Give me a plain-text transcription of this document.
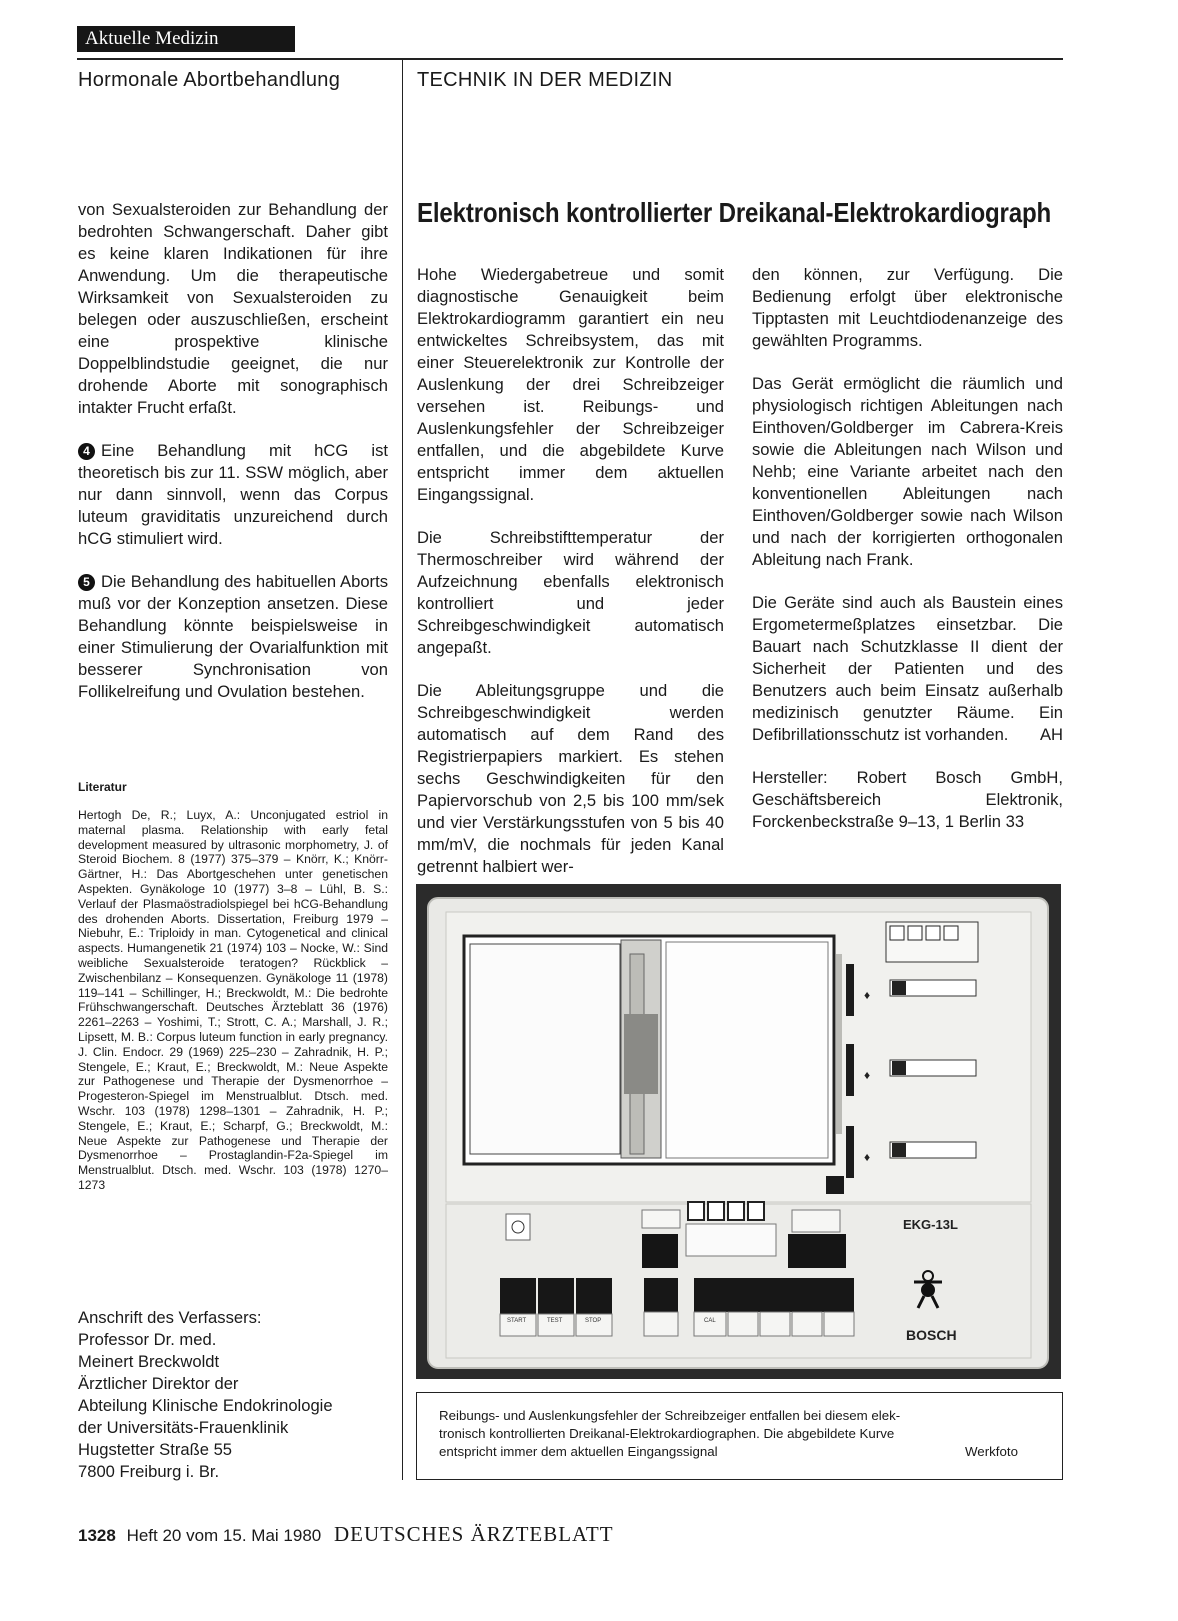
Aktuelle Medizin
Hormonale Abortbehandlung	TECHNIK IN DER MEDIZIN

von Sexualsteroiden zur Behandlung der bedrohten Schwangerschaft. Daher gibt es keine klaren Indikationen für ihre Anwendung. Um die therapeutische Wirksamkeit von Sexualsteroiden zu belegen oder auszuschließen, erscheint eine prospektive klinische Doppelblindstudie geeignet, die nur drohende Aborte mit sonographisch intakter Frucht erfaßt.

4 Eine Behandlung mit hCG ist theoretisch bis zur 11. SSW möglich, aber nur dann sinnvoll, wenn das Corpus luteum graviditatis unzureichend durch hCG stimuliert wird.

5 Die Behandlung des habituellen Aborts muß vor der Konzeption ansetzen. Diese Behandlung könnte beispielsweise in einer Stimulierung der Ovarialfunktion mit besserer Synchronisation von Follikelreifung und Ovulation bestehen.

Literatur
Hertogh De, R.; Luyx, A.: Unconjugated estriol in maternal plasma. Relationship with early fetal development measured by ultrasonic morphometry, J. of Steroid Biochem. 8 (1977) 375–379 – Knörr, K.; Knörr-Gärtner, H.: Das Abortgeschehen unter genetischen Aspekten. Gynäkologe 10 (1977) 3–8 – Lühl, B. S.: Verlauf der Plasmaöstradiolspiegel bei hCG-Behandlung des drohenden Aborts. Dissertation, Freiburg 1979 – Niebuhr, E.: Triploidy in man. Cytogenetical and clinical aspects. Humangenetik 21 (1974) 103 – Nocke, W.: Sind weibliche Sexualsteroide teratogen? Rückblick – Zwischenbilanz – Konsequenzen. Gynäkologe 11 (1978) 119–141 – Schillinger, H.; Breckwoldt, M.: Die bedrohte Frühschwangerschaft. Deutsches Ärzteblatt 36 (1976) 2261–2263 – Yoshimi, T.; Strott, C. A.; Marshall, J. R.; Lipsett, M. B.: Corpus luteum function in early pregnancy. J. Clin. Endocr. 29 (1969) 225–230 – Zahradnik, H. P.; Stengele, E.; Kraut, E.; Breckwoldt, M.: Neue Aspekte zur Pathogenese und Therapie der Dysmenorrhoe – Progesteron-Spiegel im Menstrualblut. Dtsch. med. Wschr. 103 (1978) 1298–1301 – Zahradnik, H. P.; Stengele, E.; Kraut, E.; Scharpf, G.; Breckwoldt, M.: Neue Aspekte zur Pathogenese und Therapie der Dysmenorrhoe – Prostaglandin-F2a-Spiegel im Menstrualblut. Dtsch. med. Wschr. 103 (1978) 1270–1273
Anschrift des Verfassers:
Professor Dr. med.
Meinert Breckwoldt
Ärztlicher Direktor der
Abteilung Klinische Endokrinologie
der Universitäts-Frauenklinik
Hugstetter Straße 55
7800 Freiburg i. Br.
Elektronisch kontrollierter Dreikanal-Elektrokardiograph

Hohe Wiedergabetreue und somit diagnostische Genauigkeit beim Elektrokardiogramm garantiert ein neu entwickeltes Schreibsystem, das mit einer Steuerelektronik zur Kontrolle der Auslenkung der drei Schreibzeiger versehen ist. Reibungs- und Auslenkungsfehler der Schreibzeiger entfallen, und die abgebildete Kurve entspricht immer dem aktuellen Eingangssignal.

Die Schreibstifttemperatur der Thermoschreiber wird während der Aufzeichnung ebenfalls elektronisch kontrolliert und jeder Schreibgeschwindigkeit automatisch angepaßt.

Die Ableitungsgruppe und die Schreibgeschwindigkeit werden automatisch auf dem Rand des Registrierpapiers markiert. Es stehen sechs Geschwindigkeiten für den Papiervorschub von 2,5 bis 100 mm/sek und vier Verstärkungsstufen von 5 bis 40 mm/mV, die nochmals für jeden Kanal getrennt halbiert wer-

den können, zur Verfügung. Die Bedienung erfolgt über elektronische Tipptasten mit Leuchtdiodenanzeige des gewählten Programms.

Das Gerät ermöglicht die räumlich und physiologisch richtigen Ableitungen nach Einthoven/Goldberger im Cabrera-Kreis sowie die Ableitungen nach Wilson und Nehb; eine Variante arbeitet nach den konventionellen Ableitungen nach Einthoven/Goldberger sowie nach Wilson und nach der korrigierten orthogonalen Ableitung nach Frank.

Die Geräte sind auch als Baustein eines Ergometermeßplatzes einsetzbar. Die Bauart nach Schutzklasse II dient der Sicherheit der Patienten und des Benutzers auch beim Einsatz außerhalb medizinisch genutzter Räume. Ein Defibrillationsschutz ist vorhanden. AH

Hersteller: Robert Bosch GmbH, Geschäftsbereich Elektronik, Forckenbeckstraße 9–13, 1 Berlin 33

♦
♦
♦
EKG-13L
BOSCH
START	TEST	STOP	CAL
Reibungs- und Auslenkungsfehler der Schreibzeiger entfallen bei diesem elek-
tronisch kontrollierten Dreikanal-Elektrokardiographen. Die abgebildete Kurve
entspricht immer dem aktuellen Eingangssignal	Werkfoto
1328 Heft 20 vom 15. Mai 1980 DEUTSCHES ÄRZTEBLATT
